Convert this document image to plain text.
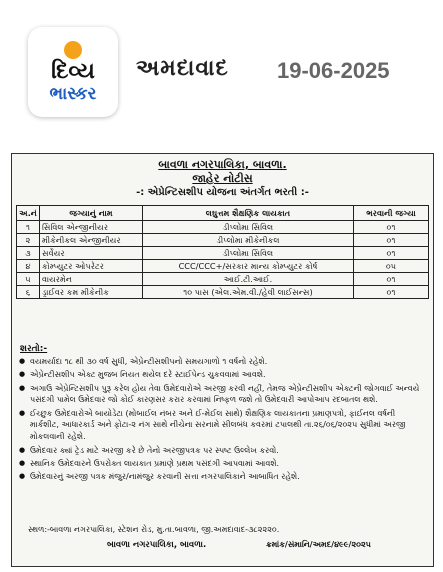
દિવ્ય
ભાસ્કર
અમદાવાદ 19-06-2025
બાવળા નગરપાલિકા, બાવળા.
જાહેર નોટીસ
-: એપ્રેન્ટિસશીપ યોજના અંતર્ગત ભરતી :-
અ.નં	જગ્યાનું નામ	લઘુત્તમ શૈક્ષણિક લાયકાત	ભરવાની જગ્યા
૧	સિવિલ એન્જીનીયર	ડીપ્લોમા સિવિલ	૦૧
૨	મીકેનીકલ એન્જીનીયર	ડીપ્લોમા મીકેનીકલ	૦૧
૩	સર્વેયર	ડીપ્લોમા સિવિલ	૦૧
૪	કોમ્પ્યુટર ઓપરેટર	CCC/CCC+/સરકાર માન્ય કોમ્પ્યુટર કોર્ષ	૦૫
૫	વાયરમેન	આઈ.ટી.આઈ.	૦૧
૬	ડ્રાઈવર કમ મીકેનીક	૧૦ પાસ (એલ.એમ.વી./હેવી લાઈસન્સ)	૦૧
શરતો:-
● વયમર્યાદા ૧૮ થી ૩૦ વર્ષ સુધી, એપ્રેન્ટીસશીપનો સમયગાળો ૧ વર્ષનો રહેશે.
● એપ્રેન્ટીસશીપ એક્ટ મુજબ નિયત થયેલ દરે સ્ટાઈપેન્ડ ચુકવવામાં આવશે.
● અગાઉ એપ્રેન્ટિસશીપ પુરૂ કરેલ હોય તેવા ઉમેદવારોએ અરજી કરવી નહીં, તેમજ એપ્રેન્ટીસશીપ એક્ટની જોગવાઈ અન્વયે પસંદગી પામેલ ઉમેદવાર જો કોઈ કારણસર કરાર કરવામાં નિષ્ફળ જશે તો ઉમેદવારી આપોઆપ રદબાતલ થશે.
● ઈચ્છુક ઉમેદવારોએ બાયોડેટા (મોબાઈલ નંબર અને ઈ-મેઈલ સાથે) શૈક્ષણિક લાયકાતના પ્રમાણપત્રો, ફાઈનલ વર્ષની માર્કશીટ, આધારકાર્ડ અને ફોટા-૨ નંગ સાથે નીચેના સરનામે સીલબંધ કવરમાં ટપાલથી તા.૨૬/૦૬/૨૦૨૫ સુધીમાં અરજી મોકલવાની રહેશે.
● ઉમેદવાર ક્યાં ટ્રેડ માટે અરજી કરે છે તેનો અરજીપત્રક પર સ્પષ્ટ ઉલ્લેખ કરવો.
● સ્થાનિક ઉમેદવારને ઉપરોક્ત લાયકાત પ્રમાણે પ્રથમ પસંદગી આપવામાં આવશે.
● ઉમેદવારનું અરજી પત્રક મંજુર/નામંજુર કરવાની સત્તા નગરપાલિકાને આબાધિત રહેશે.
સ્થળ:-બાવળા નગરપાલિકા, સ્ટેશન રોડ, મુ.તા.બાવળા, જી.અમદાવાદ-૩૮૨૨૨૦.
બાવળા નગરપાલિકા, બાવળા.	ક્રમાંક/સંમાનિ/અમદ/૪૯૯/૨૦૨૫
